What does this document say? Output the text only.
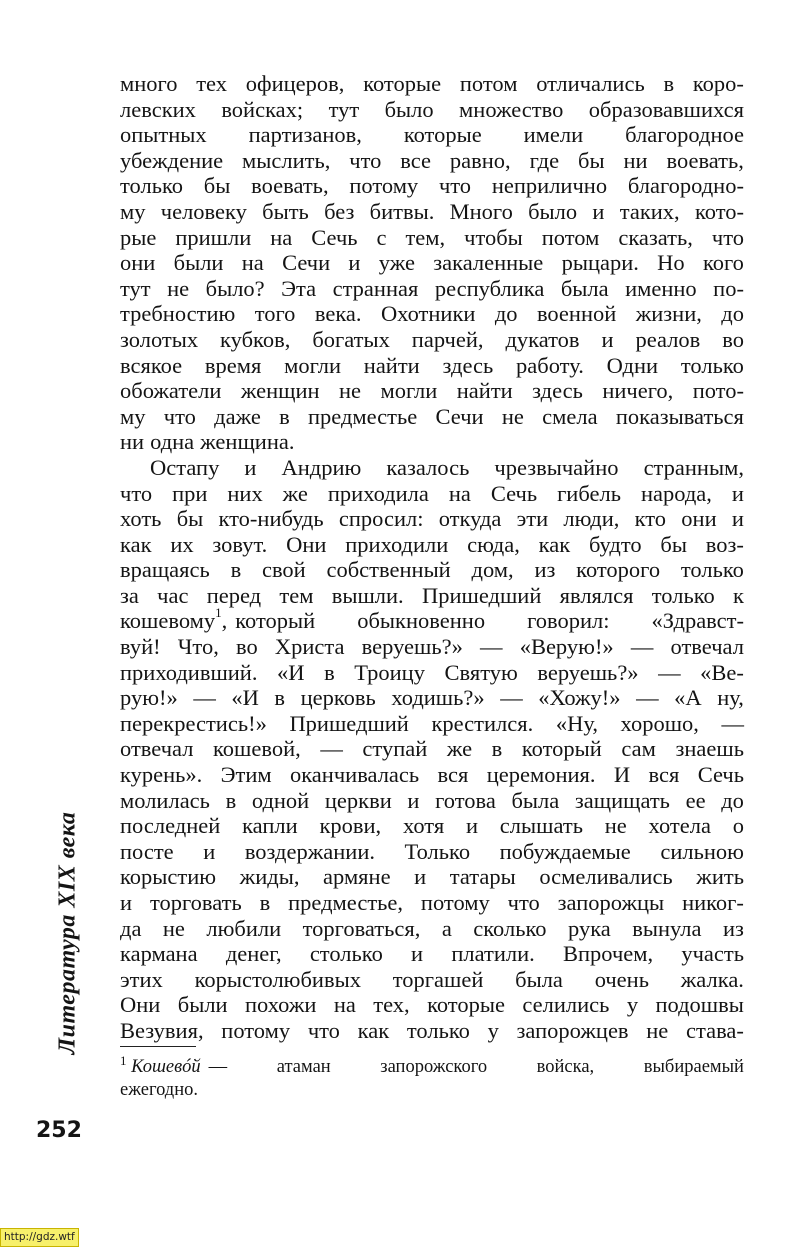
много тех офицеров, которые потом отличались в коро-
левских войсках; тут было множество образовавшихся
опытных партизанов, которые имели благородное
убеждение мыслить, что все равно, где бы ни воевать,
только бы воевать, потому что неприлично благородно-
му человеку быть без битвы. Много было и таких, кото-
рые пришли на Сечь с тем, чтобы потом сказать, что
они были на Сечи и уже закаленные рыцари. Но кого
тут не было? Эта странная республика была именно по-
требностию того века. Охотники до военной жизни, до
золотых кубков, богатых парчей, дукатов и реалов во
всякое время могли найти здесь работу. Одни только
обожатели женщин не могли найти здесь ничего, пото-
му что даже в предместье Сечи не смела показываться
ни одна женщина.
Остапу и Андрию казалось чрезвычайно странным,
что при них же приходила на Сечь гибель народа, и
хоть бы кто-нибудь спросил: откуда эти люди, кто они и
как их зовут. Они приходили сюда, как будто бы воз-
вращаясь в свой собственный дом, из которого только
за час перед тем вышли. Пришедший являлся только к
кошевому$^1$, который обыкновенно говорил: «Здравст-
вуй! Что, во Христа веруешь?» — «Верую!» — отвечал
приходивший. «И в Троицу Святую веруешь?» — «Ве-
рую!» — «И в церковь ходишь?» — «Хожу!» — «А ну,
перекрестись!» Пришедший крестился. «Ну, хорошо, —
отвечал кошевой, — ступай же в который сам знаешь
курень». Этим оканчивалась вся церемония. И вся Сечь
молилась в одной церкви и готова была защищать ее до
последней капли крови, хотя и слышать не хотела о
посте и воздержании. Только побуждаемые сильною
корыстию жиды, армяне и татары осмеливались жить
и торговать в предместье, потому что запорожцы никог-
да не любили торговаться, а сколько рука вынула из
кармана денег, столько и платили. Впрочем, участь
этих корыстолюбивых торгашей была очень жалка.
Они были похожи на тех, которые селились у подошвы
Везувия, потому что как только у запорожцев не става-
$^1$ Кошевóй —	атаман	запорожского	войска,	выбираемый
ежегодно.
Литература XIX века
252
http://gdz.wtf
